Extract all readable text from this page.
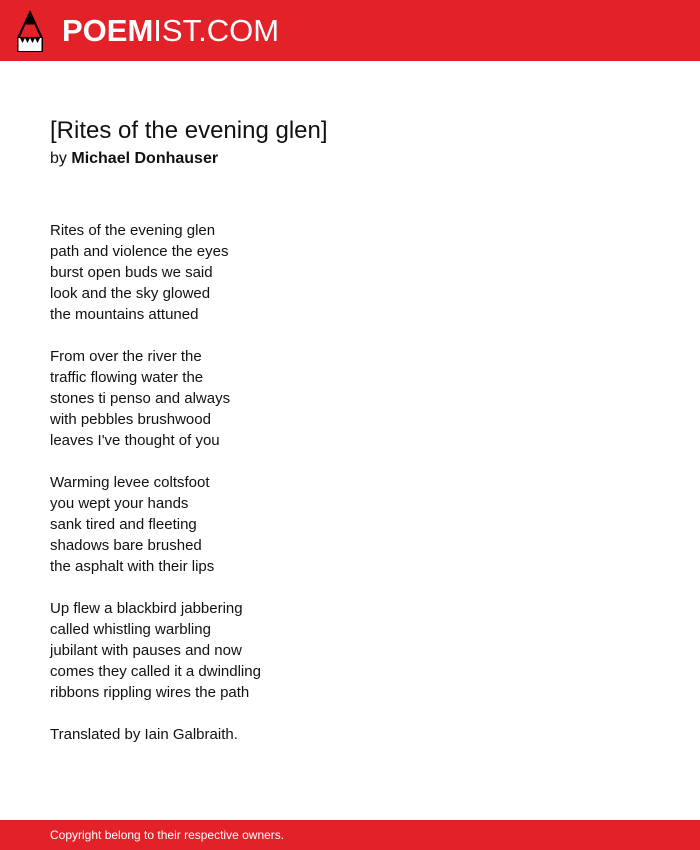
POEMIST.COM
[Rites of the evening glen]

by Michael Donhauser

Rites of the evening glen
path and violence the eyes
burst open buds we said
look and the sky glowed
the mountains attuned
From over the river the
traffic flowing water the
stones ti penso and always
with pebbles brushwood
leaves I've thought of you
Warming levee coltsfoot
you wept your hands
sank tired and fleeting
shadows bare brushed
the asphalt with their lips
Up flew a blackbird jabbering
called whistling warbling
jubilant with pauses and now
comes they called it a dwindling
ribbons rippling wires the path
Translated by Iain Galbraith.
Copyright belong to their respective owners.
